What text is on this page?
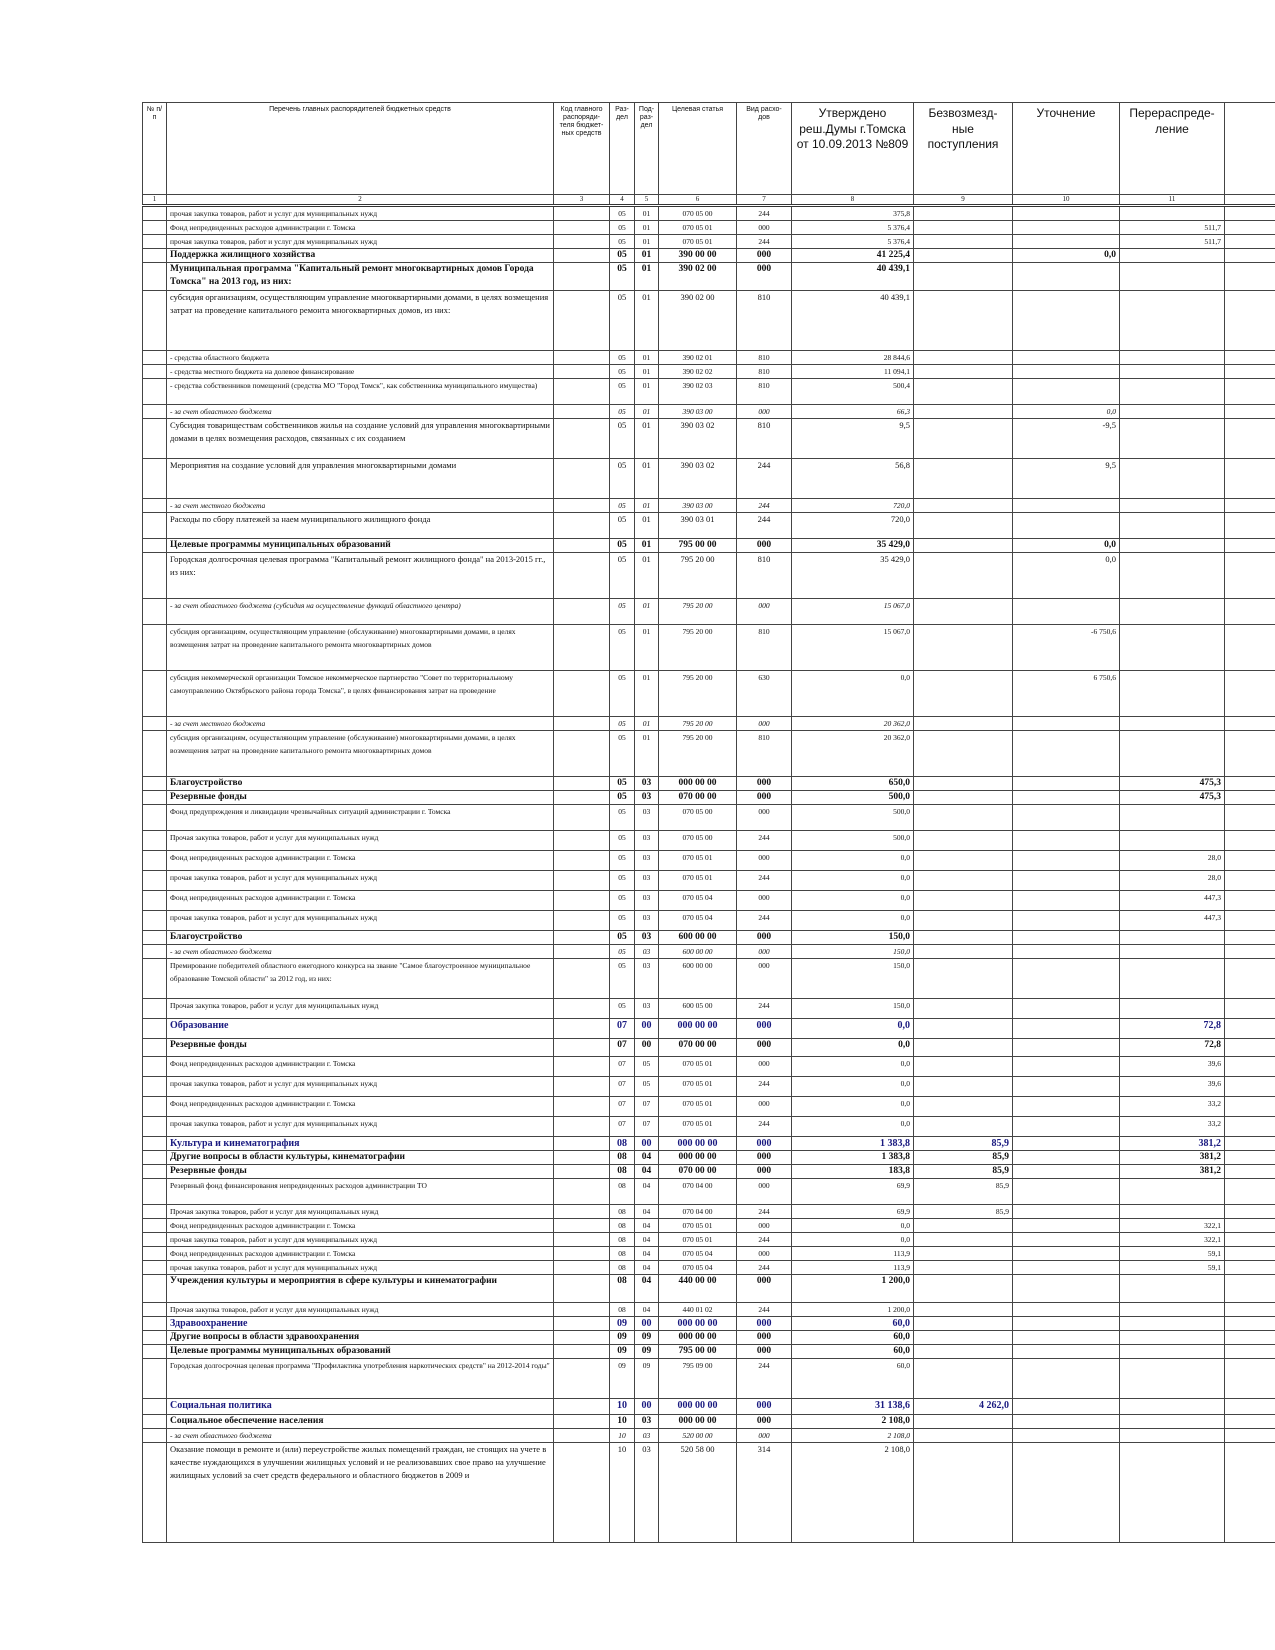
№ п/п	Перечень главных распорядителей бюджетных средств	Код главного распоряди- теля бюджет- ных средств	Раз- дел	Под- раз- дел	Целевая статья	Вид расхо- дов	Утверждено реш.Думы г.Томска от 10.09.2013 №809	Безвозмезд- ные поступления	Уточнение	Перераспреде- ление	
1	2	3	4	5	6	7	8	9	10	11	
	прочая закупка товаров, работ и услуг для муниципальных нужд		05	01	070 05 00	244	375,8				
	Фонд непредвиденных расходов администрации г. Томска		05	01	070 05 01	000	5 376,4			511,7	
	прочая закупка товаров, работ и услуг для муниципальных нужд		05	01	070 05 01	244	5 376,4			511,7	
	Поддержка жилищного хозяйства		05	01	390 00 00	000	41 225,4		0,0		
	Муниципальная программа "Капитальный ремонт многоквартирных домов Города Томска" на 2013 год, из них:		05	01	390 02 00	000	40 439,1				
	субсидия организациям, осуществляющим управление многоквартирными домами, в целях возмещения затрат на проведение капитального ремонта многоквартирных домов, из них:		05	01	390 02 00	810	40 439,1				
	- средства областного бюджета		05	01	390 02 01	810	28 844,6				
	- средства местного бюджета на долевое финансирование		05	01	390 02 02	810	11 094,1				
	- средства собственников помещений (средства МО "Город Томск", как собственника муниципального имущества)		05	01	390 02 03	810	500,4				
	- за счет областного бюджета		05	01	390 03 00	000	66,3		0,0		
	Субсидия товариществам собственников жилья на создание условий для управления многоквартирными домами в целях возмещения расходов, связанных с их созданием		05	01	390 03 02	810	9,5		-9,5		
	Мероприятия на создание условий для управления многоквартирными домами		05	01	390 03 02	244	56,8		9,5		
	- за счет местного бюджета		05	01	390 03 00	244	720,0				
	Расходы по сбору платежей за наем муниципального жилищного фонда		05	01	390 03 01	244	720,0				
	Целевые программы муниципальных образований		05	01	795 00 00	000	35 429,0		0,0		
	Городская долгосрочная целевая программа "Капитальный ремонт жилищного фонда" на 2013-2015 гг., из них:		05	01	795 20 00	810	35 429,0		0,0		
	- за счет областного бюджета (субсидия на осуществление функций областного центра)		05	01	795 20 00	000	15 067,0				
	субсидия организациям, осуществляющим управление (обслуживание) многоквартирными домами, в целях возмещения затрат на проведение капитального ремонта многоквартирных домов		05	01	795 20 00	810	15 067,0		-6 750,6		
	субсидия некоммерческой организации Томское некоммерческое партнерство "Совет по территориальному самоуправлению Октябрьского района города Томска", в целях финансирования затрат на проведение		05	01	795 20 00	630	0,0		6 750,6		
	- за счет местного бюджета		05	01	795 20 00	000	20 362,0				
	субсидия организациям, осуществляющим управление (обслуживание) многоквартирными домами, в целях возмещения затрат на проведение капитального ремонта многоквартирных домов		05	01	795 20 00	810	20 362,0				
	Благоустройство		05	03	000 00 00	000	650,0			475,3	
	Резервные фонды		05	03	070 00 00	000	500,0			475,3	
	Фонд предупреждения и ликвидации чрезвычайных ситуаций администрации г. Томска		05	03	070 05 00	000	500,0				
	Прочая закупка товаров, работ и услуг для муниципальных нужд		05	03	070 05 00	244	500,0				
	Фонд непредвиденных расходов администрации г. Томска		05	03	070 05 01	000	0,0			28,0	
	прочая закупка товаров, работ и услуг для муниципальных нужд		05	03	070 05 01	244	0,0			28,0	
	Фонд непредвиденных расходов администрации г. Томска		05	03	070 05 04	000	0,0			447,3	
	прочая закупка товаров, работ и услуг для муниципальных нужд		05	03	070 05 04	244	0,0			447,3	
	Благоустройство		05	03	600 00 00	000	150,0				
	- за счет областного бюджета		05	03	600 00 00	000	150,0				
	Премирование победителей областного ежегодного конкурса на звание "Самое благоустроенное муниципальное образование Томской области" за 2012 год, из них:		05	03	600 00 00	000	150,0				
	Прочая закупка товаров, работ и услуг для муниципальных нужд		05	03	600 05 00	244	150,0				
	Образование		07	00	000 00 00	000	0,0			72,8	
	Резервные фонды		07	00	070 00 00	000	0,0			72,8	
	Фонд непредвиденных расходов администрации г. Томска		07	05	070 05 01	000	0,0			39,6	
	прочая закупка товаров, работ и услуг для муниципальных нужд		07	05	070 05 01	244	0,0			39,6	
	Фонд непредвиденных расходов администрации г. Томска		07	07	070 05 01	000	0,0			33,2	
	прочая закупка товаров, работ и услуг для муниципальных нужд		07	07	070 05 01	244	0,0			33,2	
	Культура и кинематография		08	00	000 00 00	000	1 383,8	85,9		381,2	
	Другие вопросы в области культуры, кинематографии		08	04	000 00 00	000	1 383,8	85,9		381,2	
	Резервные фонды		08	04	070 00 00	000	183,8	85,9		381,2	
	Резервный фонд финансирования непредвиденных расходов администрации ТО		08	04	070 04 00	000	69,9	85,9			
	Прочая закупка товаров, работ и услуг для муниципальных нужд		08	04	070 04 00	244	69,9	85,9			
	Фонд непредвиденных расходов администрации г. Томска		08	04	070 05 01	000	0,0			322,1	
	прочая закупка товаров, работ и услуг для муниципальных нужд		08	04	070 05 01	244	0,0			322,1	
	Фонд непредвиденных расходов администрации г. Томска		08	04	070 05 04	000	113,9			59,1	
	прочая закупка товаров, работ и услуг для муниципальных нужд		08	04	070 05 04	244	113,9			59,1	
	Учреждения культуры и мероприятия в сфере культуры и кинематографии		08	04	440 00 00	000	1 200,0				
	Прочая закупка товаров, работ и услуг для муниципальных нужд		08	04	440 01 02	244	1 200,0				
	Здравоохранение		09	00	000 00 00	000	60,0				
	Другие вопросы в области здравоохранения		09	09	000 00 00	000	60,0				
	Целевые программы муниципальных образований		09	09	795 00 00	000	60,0				
	Городская долгосрочная целевая программа "Профилактика употребления наркотических средств" на 2012-2014 годы"		09	09	795 09 00	244	60,0				
	Социальная политика		10	00	000 00 00	000	31 138,6	4 262,0			
	Социальное обеспечение населения		10	03	000 00 00	000	2 108,0				
	- за счет областного бюджета		10	03	520 00 00	000	2 108,0				
	Оказание помощи в ремонте и (или) переустройстве жилых помещений граждан, не стоящих на учете в качестве нуждающихся в улучшении жилищных условий и не реализовавших свое право на улучшение жилищных условий за счет средств федерального и областного бюджетов в 2009 и		10	03	520 58 00	314	2 108,0				
